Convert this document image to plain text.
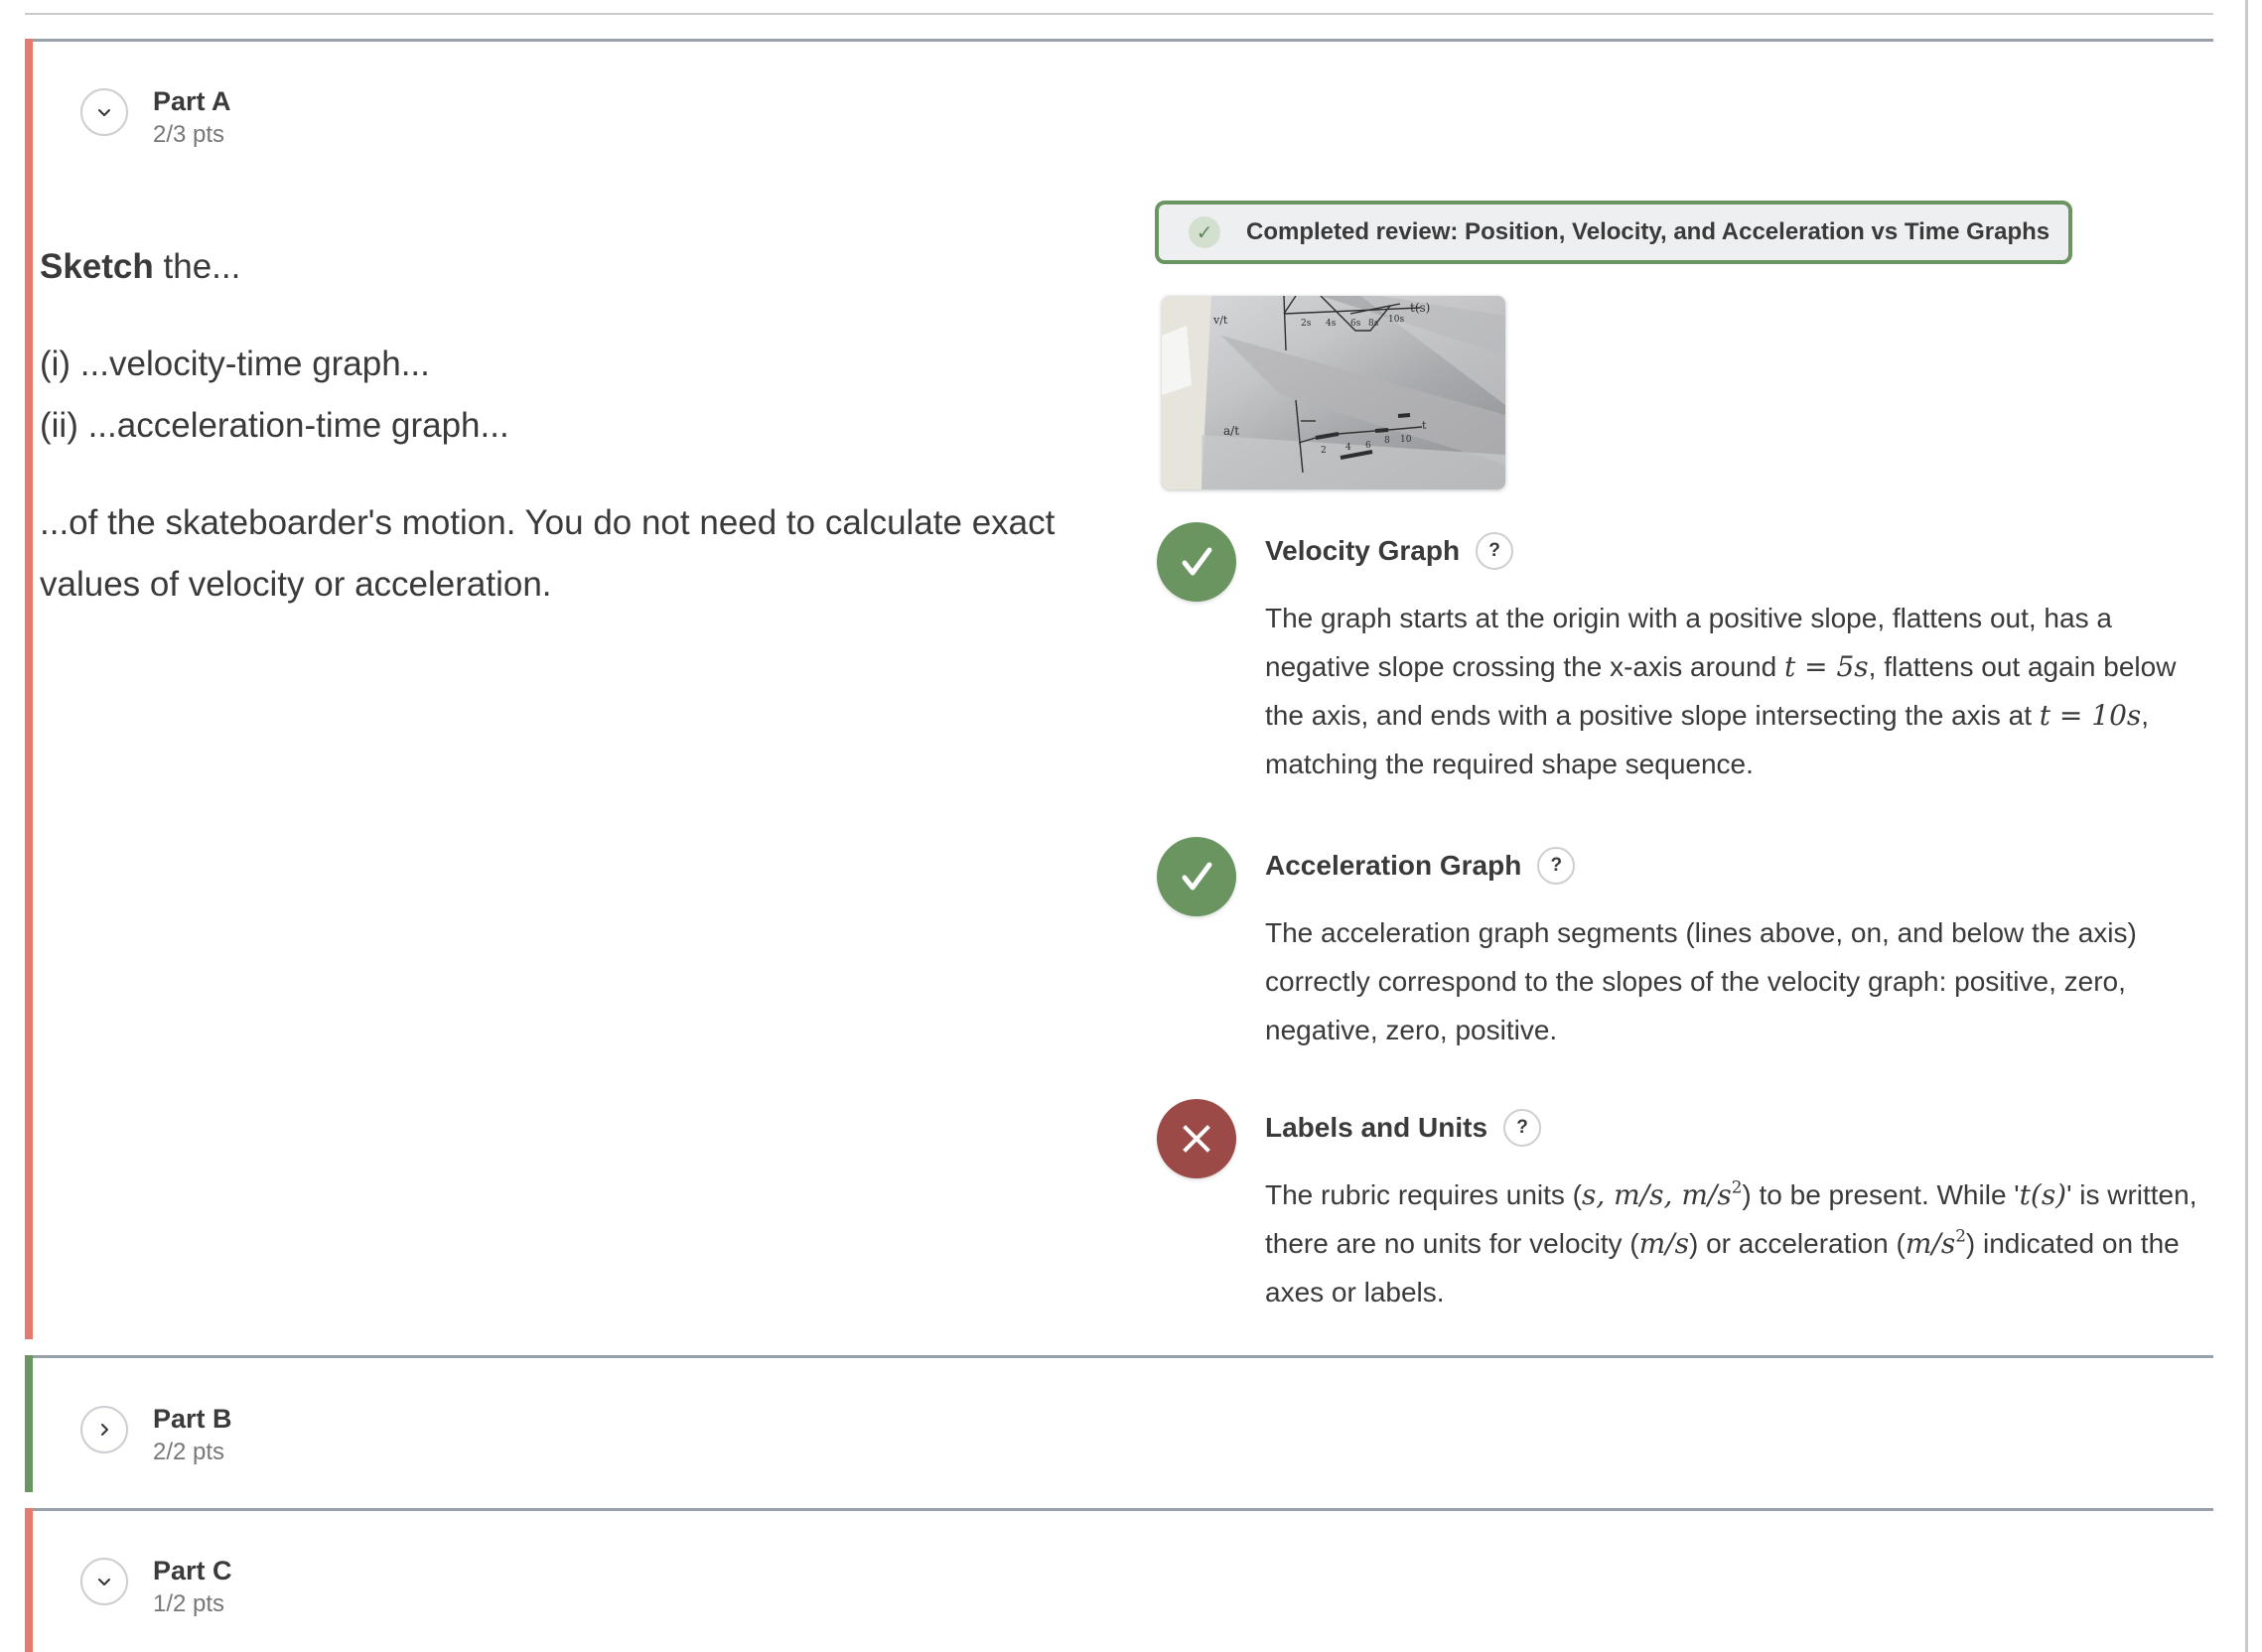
Part A
2/3 pts

Sketch the...

(i) ...velocity-time graph...

(ii) ...acceleration-time graph...

...of the skateboarder's motion. You do not need to calculate exact values of velocity or acceleration.

✓	Completed review: Position, Velocity, and Acceleration vs Time Graphs
2s 4s 6s 8s 10s
t(s)
v/t
2 4 6 8 10
t
a/t
Velocity Graph	?
The graph starts at the origin with a positive slope, flattens out, has a negative slope crossing the x-axis around t = 5s, flattens out again below the axis, and ends with a positive slope intersecting the axis at t = 10s, matching the required shape sequence.
Acceleration Graph	?
The acceleration graph segments (lines above, on, and below the axis) correctly correspond to the slopes of the velocity graph: positive, zero, negative, zero, positive.
Labels and Units	?
The rubric requires units (s, m/s, $m/s^2$) to be present. While 't(s)' is written, there are no units for velocity (m/s) or acceleration $(m/s^2)$ indicated on the axes or labels.
Part B
2/2 pts
Part C
1/2 pts
